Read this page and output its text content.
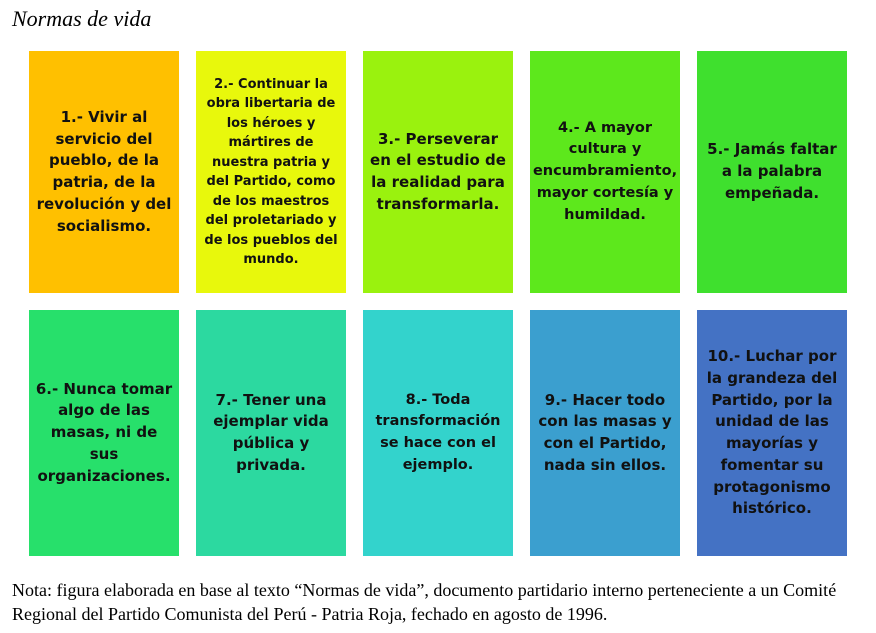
Normas de vida
1.- Vivir al servicio del pueblo, de la patria, de la revolución y del socialismo.
2.- Continuar la obra libertaria de los héroes y mártires de nuestra patria y del Partido, como de los maestros del proletariado y de los pueblos del mundo.
3.- Perseverar en el estudio de la realidad para transformarla.
4.- A mayor cultura y encumbramiento, mayor cortesía y humildad.
5.- Jamás faltar a la palabra empeñada.
6.- Nunca tomar algo de las masas, ni de sus organizaciones.
7.- Tener una ejemplar vida pública y privada.
8.- Toda transformación se hace con el ejemplo.
9.- Hacer todo con las masas y con el Partido, nada sin ellos.
10.- Luchar por la grandeza del Partido, por la unidad de las mayorías y fomentar su protagonismo histórico.

Nota: figura elaborada en base al texto “Normas de vida”, documento partidario interno perteneciente a un Comité Regional del Partido Comunista del Perú - Patria Roja, fechado en agosto de 1996.
